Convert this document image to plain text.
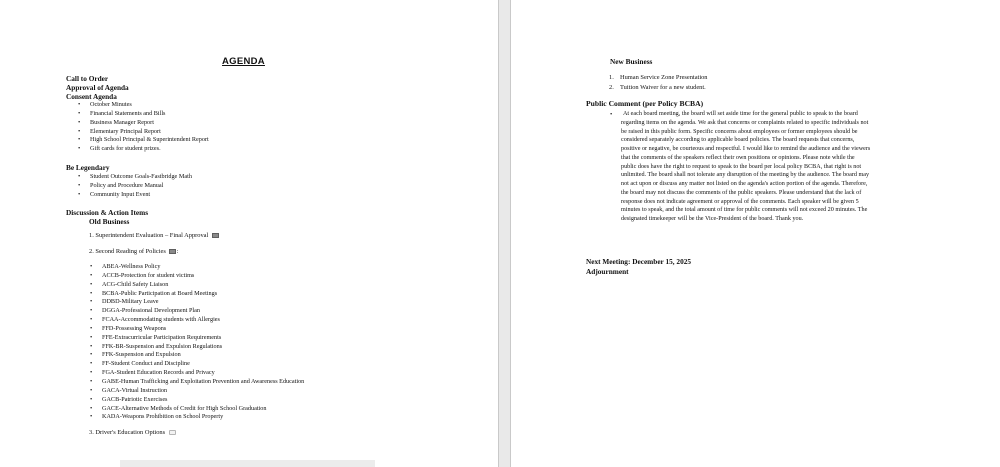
AGENDA
Call to Order
Approval of Agenda
Consent Agenda
• October Minutes
• Financial Statements and Bills
• Business Manager Report
• Elementary Principal Report
• High School Principal & Superintendent Report
• Gift cards for student prizes.
Be Legendary
• Student Outcome Goals-Fastbridge Math
• Policy and Procedure Manual
• Community Input Event
Discussion & Action Items
Old Business
1. Superintendent Evaluation – Final Approval
2. Second Reading of Policies :
• ABEA-Wellness Policy
• ACCB-Protection for student victims
• ACG-Child Safety Liaison
• BCBA-Public Participation at Board Meetings
• DDBD-Military Leave
• DGGA-Professional Development Plan
• FCAA-Accommodating students with Allergies
• FFD-Possessing Weapons
• FFE-Extracurricular Participation Requirements
• FFK-BR-Suspension and Expulsion Regulations
• FFK-Suspension and Expulsion
• FF-Student Conduct and Discipline
• FGA-Student Education Records and Privacy
• GABE-Human Trafficking and Exploitation Prevention and Awareness Education
• GACA-Virtual Instruction
• GACB-Patriotic Exercises
• GACE-Alternative Methods of Credit for High School Graduation
• KADA-Weapons Prohibition on School Property
3. Driver's Education Options
New Business
1. Human Service Zone Presentation
2. Tuition Waiver for a new student.
Public Comment (per Policy BCBA)
•	At each board meeting, the board will set aside time for the general public to speak to the board
regarding items on the agenda. We ask that concerns or complaints related to specific individuals not
be raised in this public form. Specific concerns about employees or former employees should be
considered separately according to applicable board policies. The board requests that concerns,
positive or negative, be courteous and respectful. I would like to remind the audience and the viewers
that the comments of the speakers reflect their own positions or opinions. Please note while the
public does have the right to request to speak to the board per local policy BCBA, that right is not
unlimited. The board shall not tolerate any disruption of the meeting by the audience. The board may
not act upon or discuss any matter not listed on the agenda's action portion of the agenda. Therefore,
the board may not discuss the comments of the public speakers. Please understand that the lack of
response does not indicate agreement or approval of the comments. Each speaker will be given 5
minutes to speak, and the total amount of time for public comments will not exceed 20 minutes. The
designated timekeeper will be the Vice-President of the board. Thank you.
Next Meeting: December 15, 2025
Adjournment
